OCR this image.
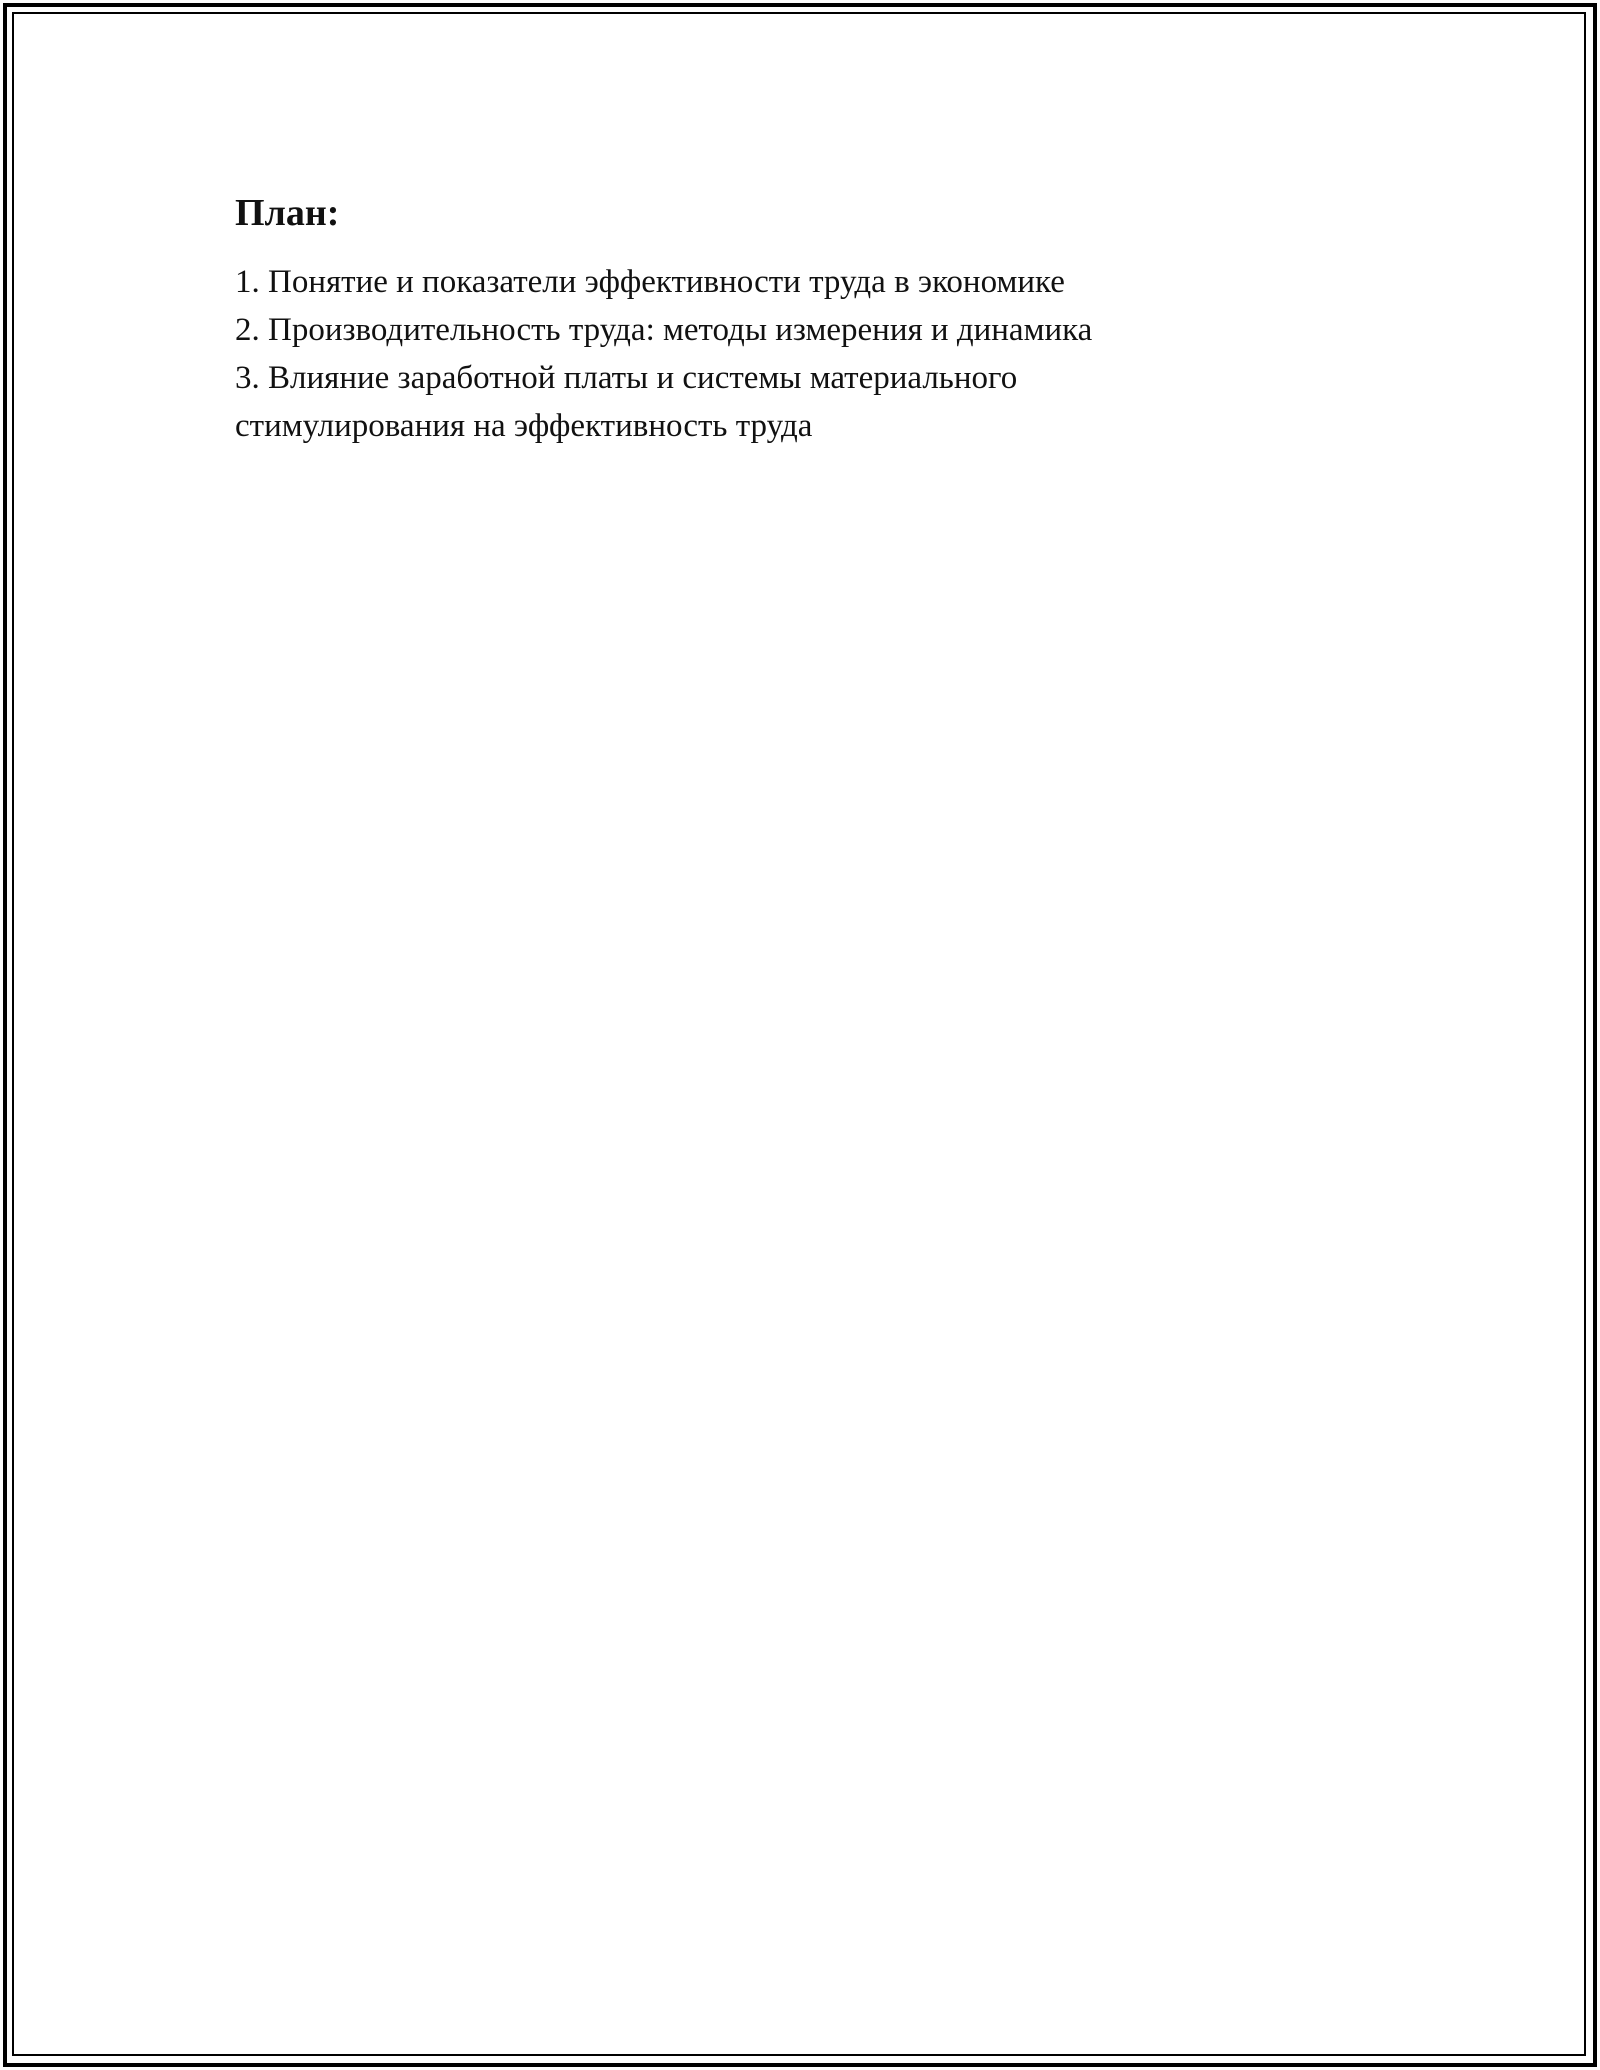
План:
1. Понятие и показатели эффективности труда в экономике
2. Производительность труда: методы измерения и динамика
3. Влияние заработной платы и системы материального стимулирования на эффективность труда
